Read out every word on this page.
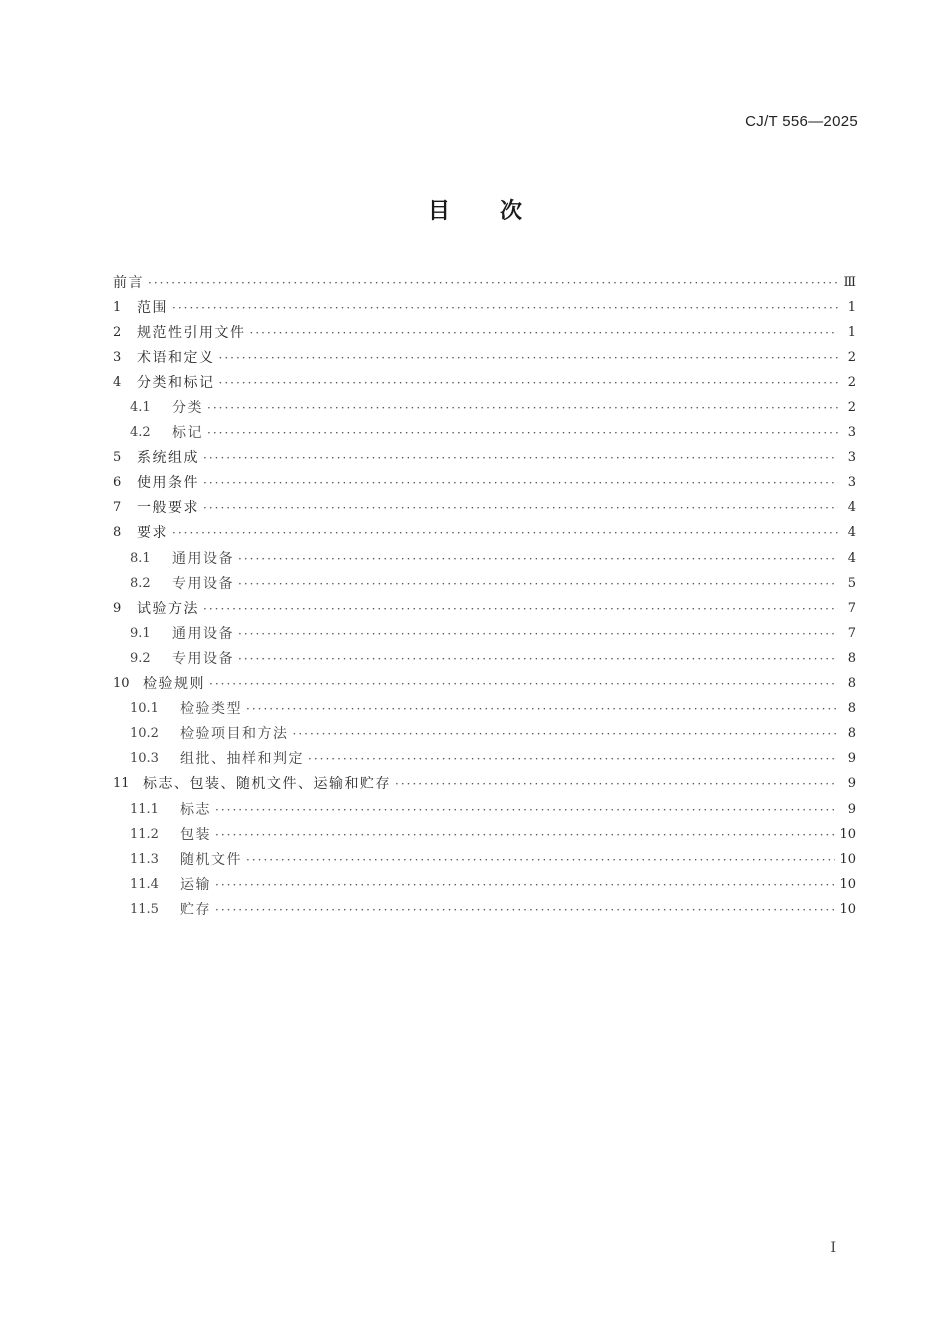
CJ/T 556—2025
目次
前言 ·····	Ⅲ
1	范围 ·····	1
2	规范性引用文件 ·····	1
3	术语和定义 ·····	2
4	分类和标记 ·····	2
4.1	分类 ·····	2
4.2	标记 ·····	3
5	系统组成 ·····	3
6	使用条件 ·····	3
7	一般要求 ·····	4
8	要求 ·····	4
8.1	通用设备 ·····	4
8.2	专用设备 ·····	5
9	试验方法 ·····	7
9.1	通用设备 ·····	7
9.2	专用设备 ·····	8
10 检验规则 ·····	8
10.1	检验类型 ·····	8
10.2	检验项目和方法 ·····	8
10.3	组批、抽样和判定 ·····	9
11 标志、包装、随机文件、运输和贮存 ·····	9
11.1	标志 ·····	9
11.2	包装 ·····	10
11.3	随机文件 ·····	10
11.4	运输 ·····	10
11.5	贮存 ·····	10
I
